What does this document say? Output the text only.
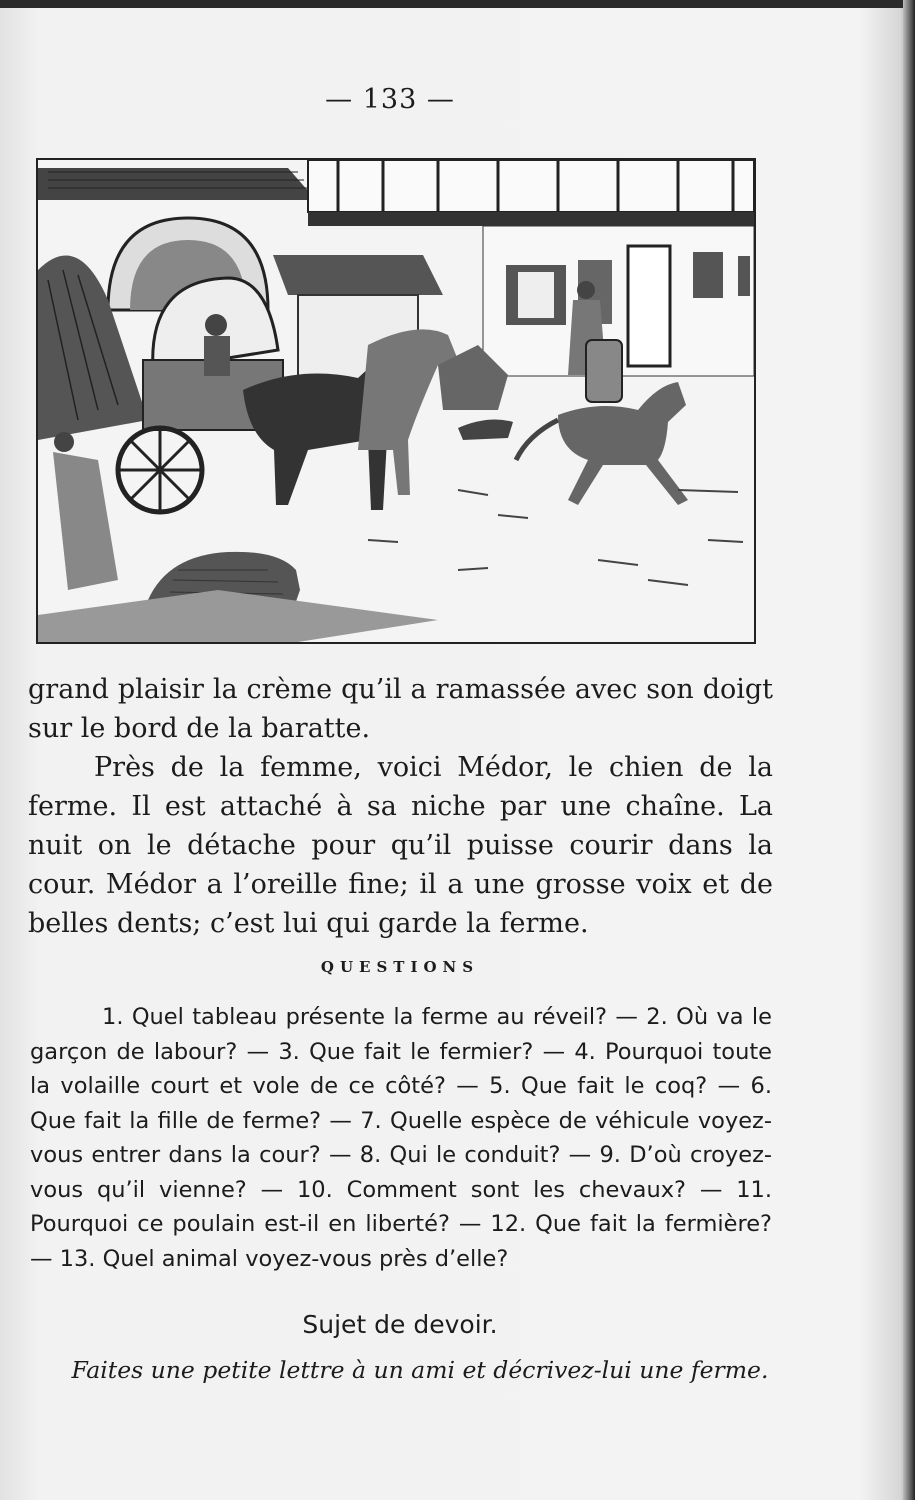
— 133 —
grand plaisir la crème qu’il a ramassée avec son doigt sur le bord de la baratte.
Près de la femme, voici Médor, le chien de la ferme. Il est attaché à sa niche par une chaîne. La nuit on le détache pour qu’il puisse courir dans la cour. Médor a l’oreille fine; il a une grosse voix et de belles dents; c’est lui qui garde la ferme.
QUESTIONS
1. Quel tableau présente la ferme au réveil? — 2. Où va le garçon de labour? — 3. Que fait le fermier? — 4. Pourquoi toute la volaille court et vole de ce côté? — 5. Que fait le coq? — 6. Que fait la fille de ferme? — 7. Quelle espèce de véhicule voyez-vous entrer dans la cour? — 8. Qui le conduit? — 9. D’où croyez-vous qu’il vienne? — 10. Comment sont les chevaux? — 11. Pourquoi ce poulain est-il en liberté? — 12. Que fait la fermière? — 13. Quel animal voyez-vous près d’elle?
Sujet de devoir.
Faites une petite lettre à un ami et décrivez-lui une ferme.
